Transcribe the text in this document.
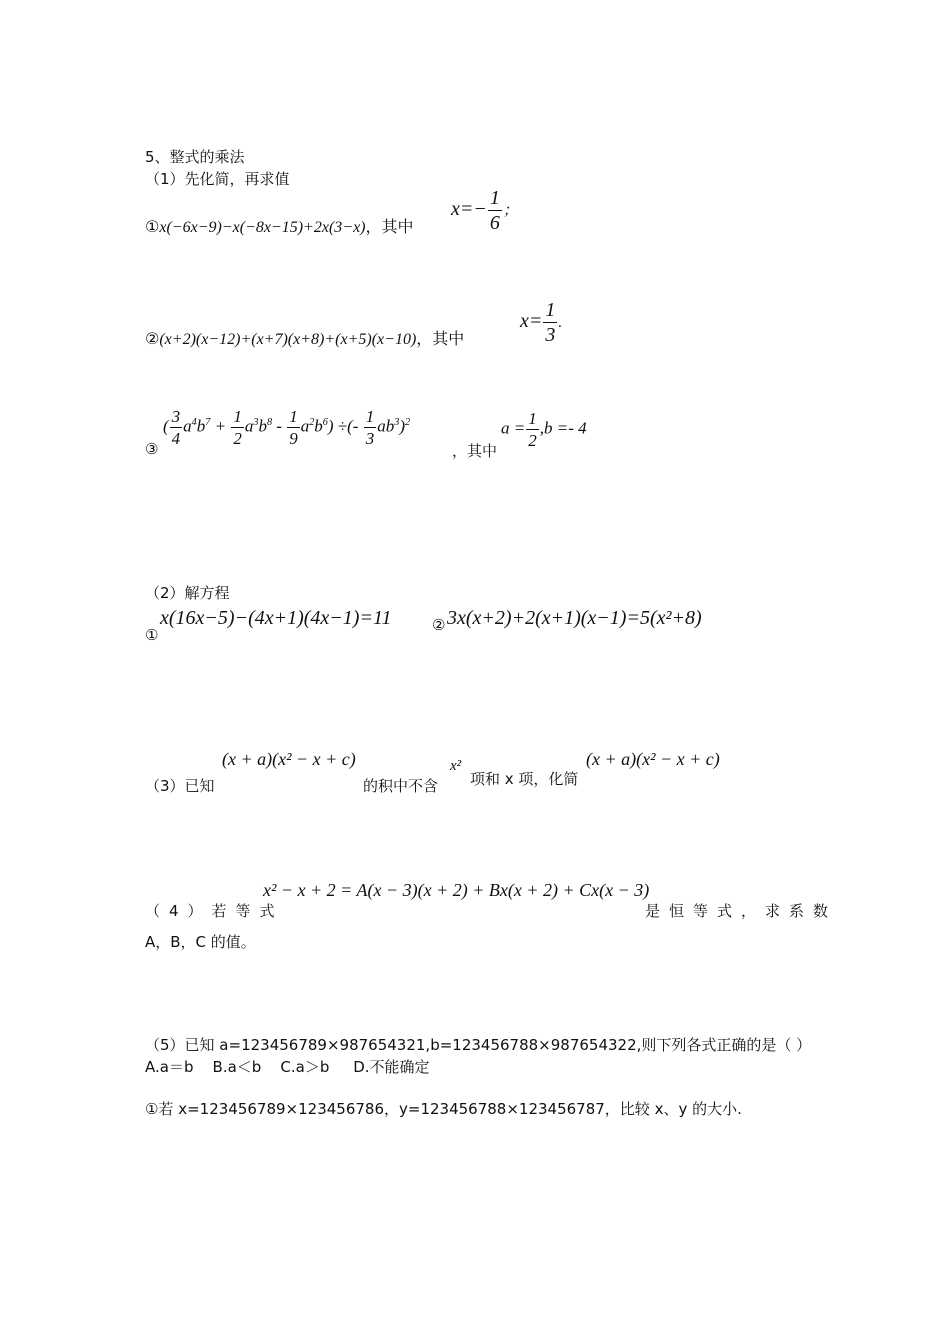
5、整式的乘法
（1）先化简，再求值
①x(−6x−9)−x(−8x−15)+2x(3−x)，其中
$x=- \frac{1}{6}$ ；
②(x+2)(x−12)+(x+7)(x+8)+(x+5)(x−10)，其中
$x= \frac{1}{3}$ .
③
( $\frac{3}{4} a^4b^7 + \frac{1}{2} a^3b^8 - \frac{1}{9} a^2b^6$) ÷(- $\frac{1}{3} ab^3)^2$
，其中
$a = \frac{1}{2} ,b =- 4$
（2）解方程
①
x(16x−5)−(4x+1)(4x−1)=11	② 3x(x+2)+2(x+1)(x−1)=5(x²+8)
（3）已知
(x + a)(x² − x + c)
的积中不含
x²
项和 x 项，化简
(x + a)(x² − x + c)
（4）若等式
x² − x + 2 = A(x − 3)(x + 2) + Bx(x + 2) + Cx(x − 3)
是恒等式，求系数
A，B，C 的值。
（5）已知 a=123456789×987654321,b=123456788×987654322,则下列各式正确的是（ ）
A.a＝b    B.a＜b    C.a＞b     D.不能确定
①若 x=123456789×123456786，y=123456788×123456787，比较 x、y 的大小.
